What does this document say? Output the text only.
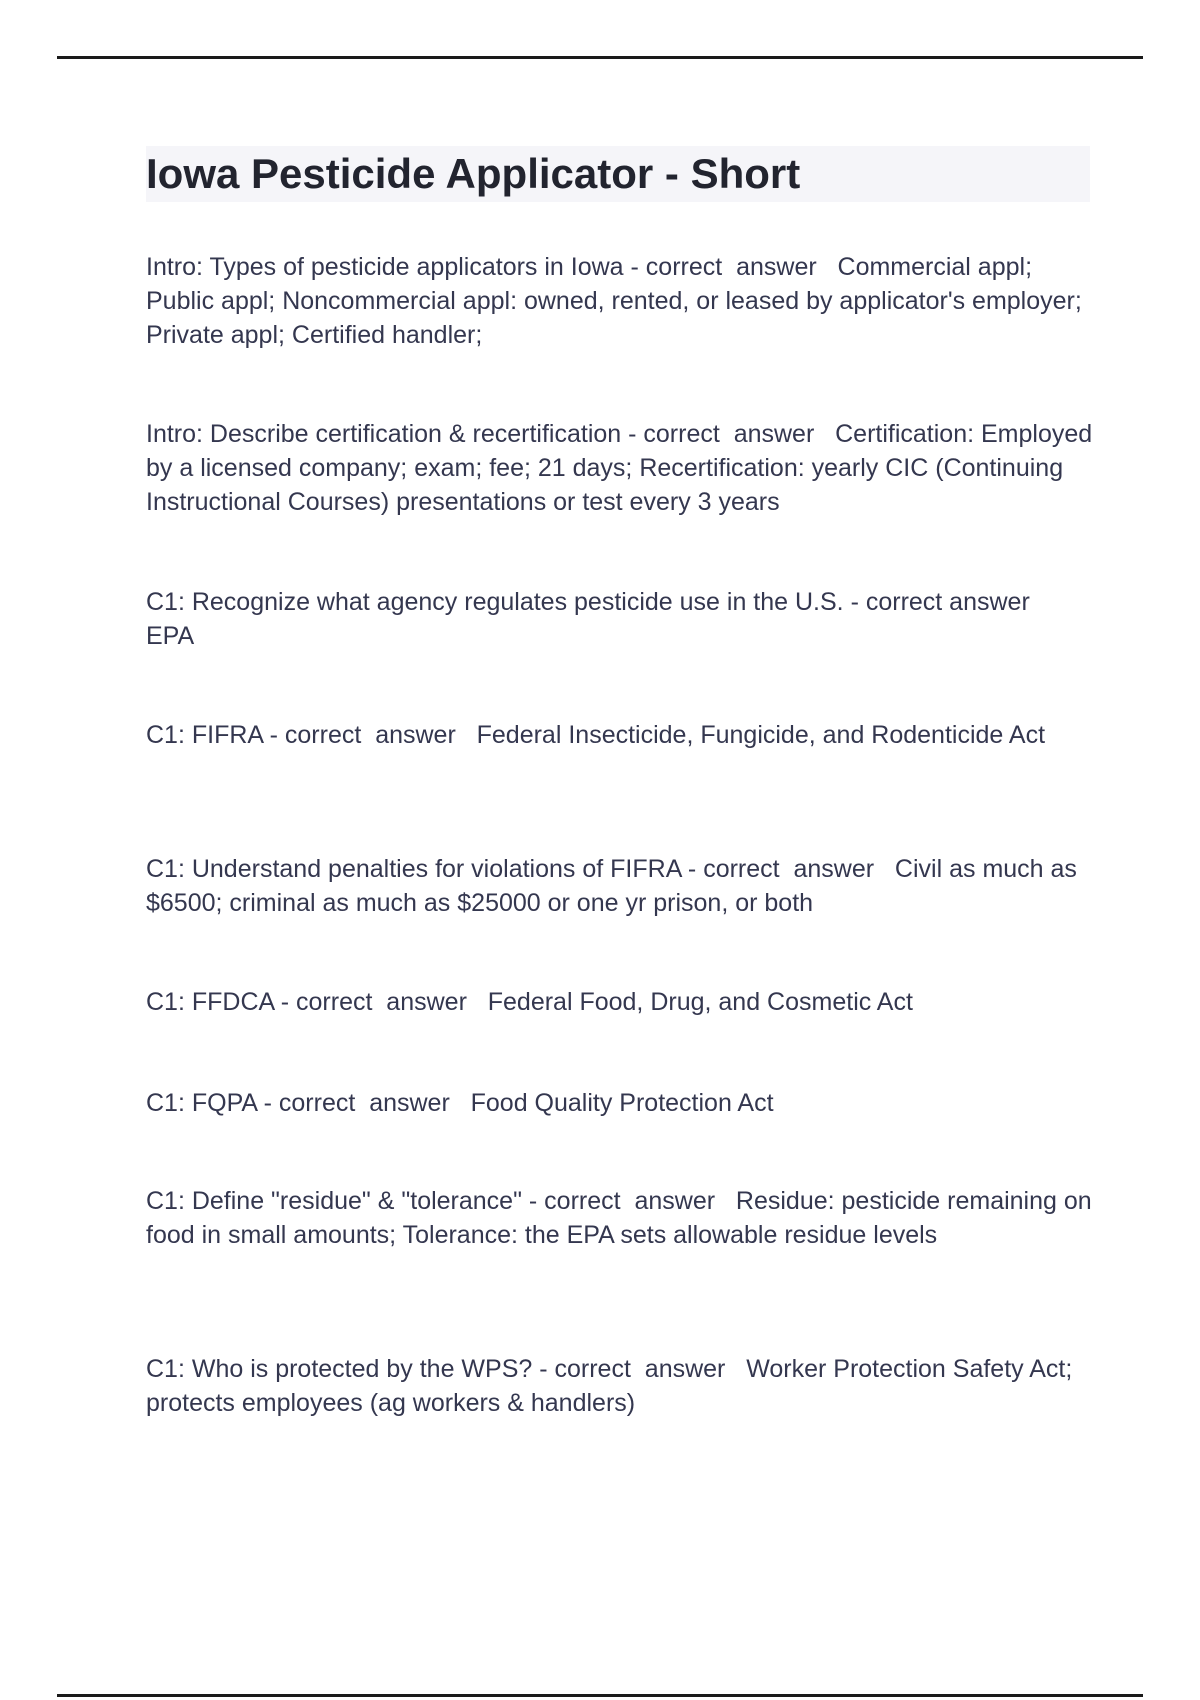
Iowa Pesticide Applicator - Short

Intro: Types of pesticide applicators in Iowa - correct  answer   Commercial appl; Public appl; Noncommercial appl: owned, rented, or leased by applicator's employer; Private appl; Certified handler;

Intro: Describe certification & recertification - correct  answer   Certification: Employed by a licensed company; exam; fee; 21 days; Recertification: yearly CIC (Continuing Instructional Courses) presentations or test every 3 years

C1: Recognize what agency regulates pesticide use in the U.S. - correct answer   EPA

C1: FIFRA - correct  answer   Federal Insecticide, Fungicide, and Rodenticide Act

C1: Understand penalties for violations of FIFRA - correct  answer   Civil as much as $6500; criminal as much as $25000 or one yr prison, or both

C1: FFDCA - correct  answer   Federal Food, Drug, and Cosmetic Act

C1: FQPA - correct  answer   Food Quality Protection Act

C1: Define "residue" & "tolerance" - correct  answer   Residue: pesticide remaining on food in small amounts; Tolerance: the EPA sets allowable residue levels

C1: Who is protected by the WPS? - correct  answer   Worker Protection Safety Act; protects employees (ag workers & handlers)
